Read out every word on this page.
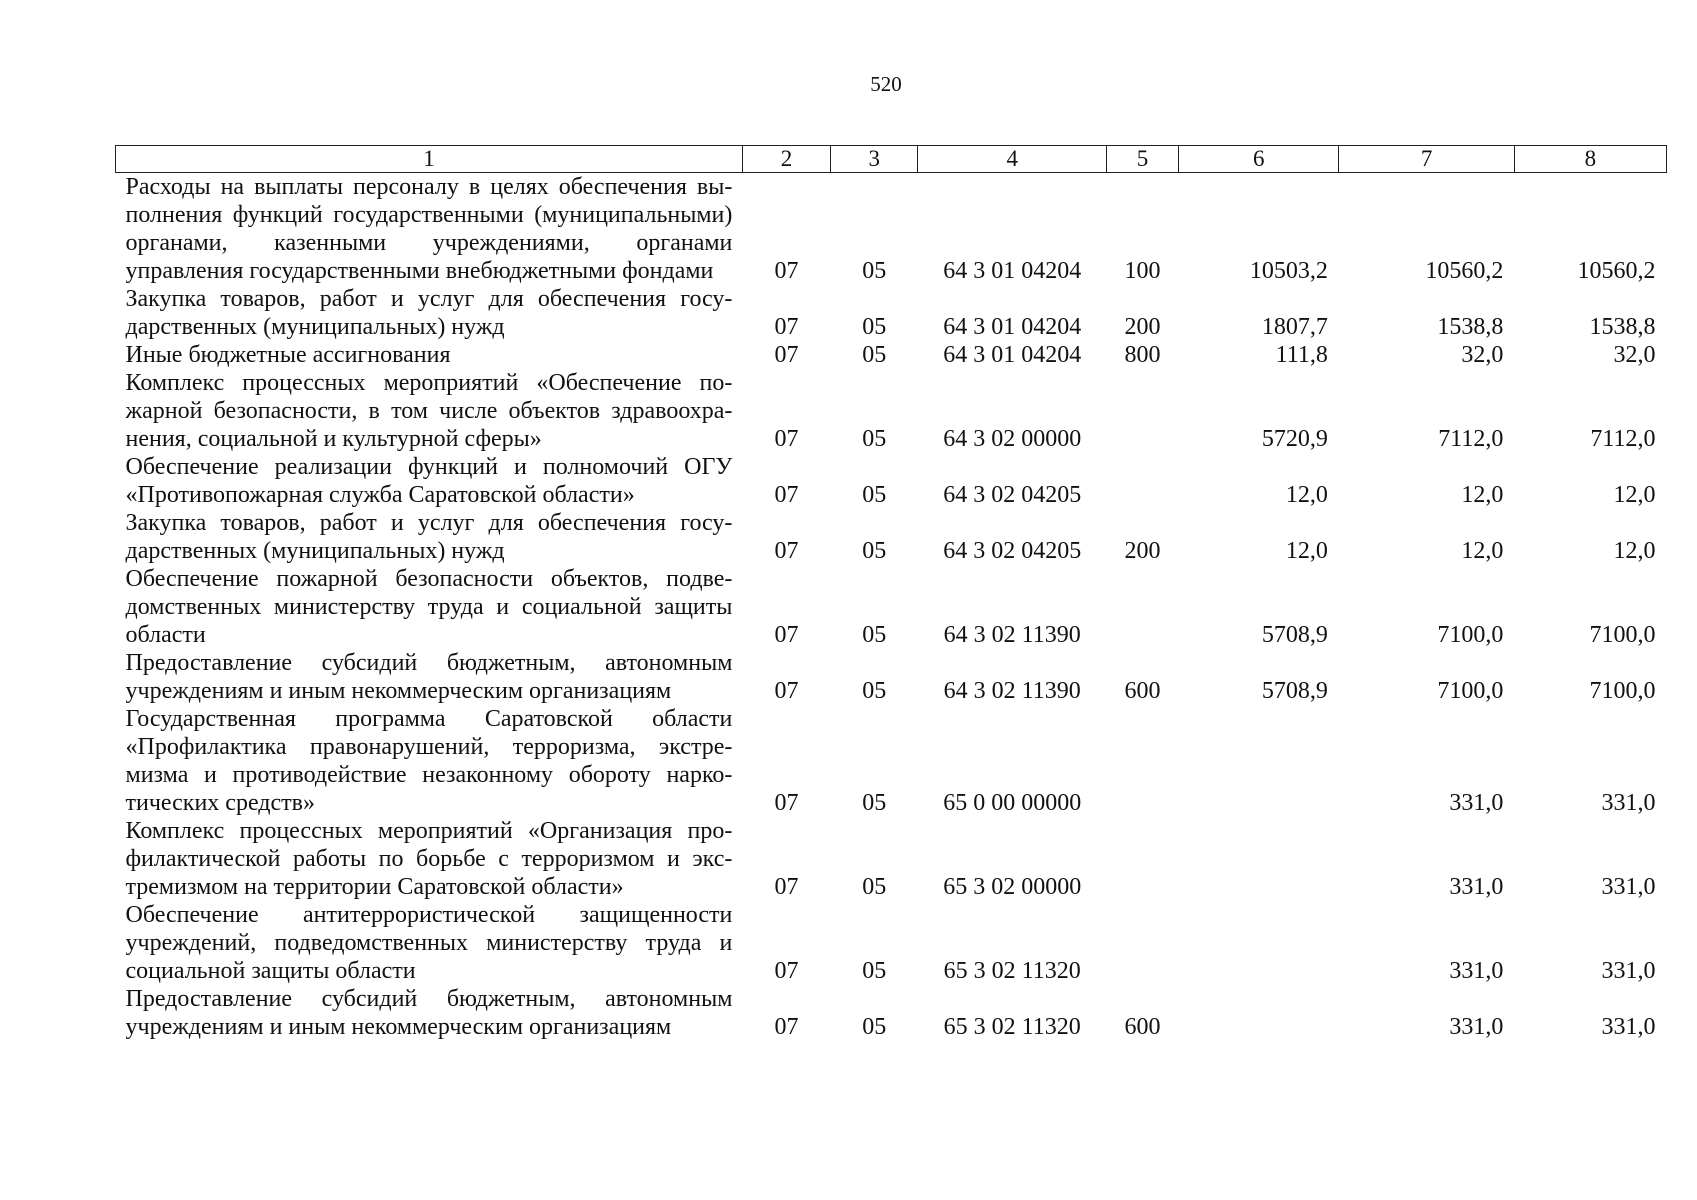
520
1	2	3	4	5	6	7	8
Расходы на выплаты персоналу в целях обеспечения выполнения функций государственными (муниципальными) органами, казенными учреждениями, органами управления государственными внебюджетными фондами	07	05	64 3 01 04204	100	10503,2	10560,2	10560,2
Закупка товаров, работ и услуг для обеспечения государственных (муниципальных) нужд	07	05	64 3 01 04204	200	1807,7	1538,8	1538,8
Иные бюджетные ассигнования	07	05	64 3 01 04204	800	111,8	32,0	32,0
Комплекс процессных мероприятий «Обеспечение пожарной безопасности, в том числе объектов здравоохранения, социальной и культурной сферы»	07	05	64 3 02 00000		5720,9	7112,0	7112,0
Обеспечение реализации функций и полномочий ОГУ «Противопожарная служба Саратовской области»	07	05	64 3 02 04205		12,0	12,0	12,0
Закупка товаров, работ и услуг для обеспечения государственных (муниципальных) нужд	07	05	64 3 02 04205	200	12,0	12,0	12,0
Обеспечение пожарной безопасности объектов, подведомственных министерству труда и социальной защиты области	07	05	64 3 02 11390		5708,9	7100,0	7100,0
Предоставление субсидий бюджетным, автономным учреждениям и иным некоммерческим организациям	07	05	64 3 02 11390	600	5708,9	7100,0	7100,0
Государственная программа Саратовской области «Профилактика правонарушений, терроризма, экстремизма и противодействие незаконному обороту наркотических средств»	07	05	65 0 00 00000			331,0	331,0
Комплекс процессных мероприятий «Организация профилактической работы по борьбе с терроризмом и экстремизмом на территории Саратовской области»	07	05	65 3 02 00000			331,0	331,0
Обеспечение антитеррористической защищенности учреждений, подведомственных министерству труда и социальной защиты области	07	05	65 3 02 11320			331,0	331,0
Предоставление субсидий бюджетным, автономным учреждениям и иным некоммерческим организациям	07	05	65 3 02 11320	600		331,0	331,0
